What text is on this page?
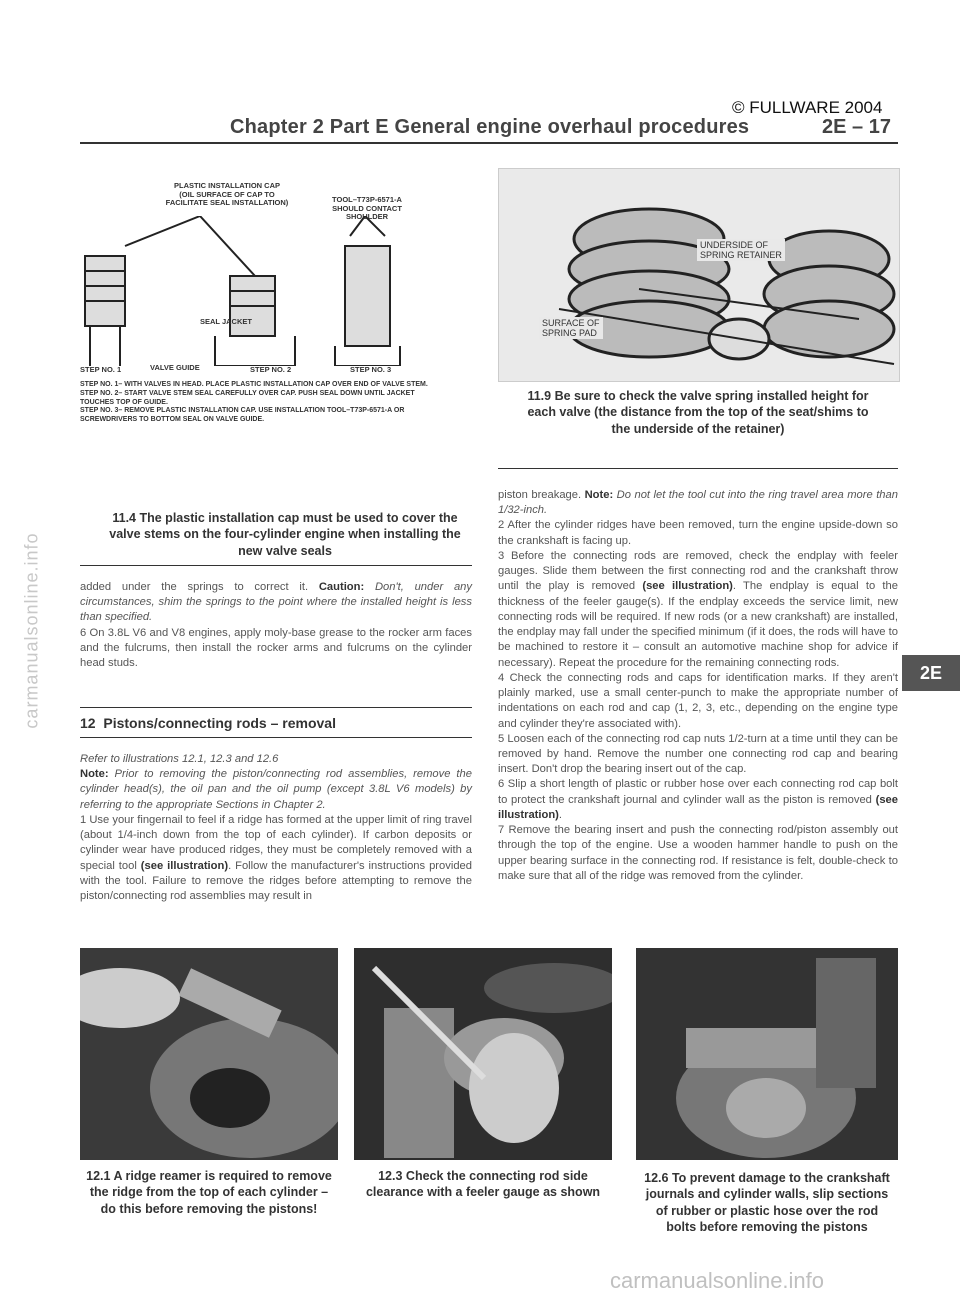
© FULLWARE 2004
Chapter 2 Part E General engine overhaul procedures	2E – 17
PLASTIC INSTALLATION CAP
(OIL SURFACE OF CAP TO
FACILITATE SEAL INSTALLATION)	TOOL–T73P-6571-A
SHOULD CONTACT
SHOULDER
SEAL JACKET
VALVE GUIDE
STEP NO. 1	STEP NO. 2	STEP NO. 3
STEP NO. 1– WITH VALVES IN HEAD. PLACE PLASTIC INSTALLATION CAP OVER END OF VALVE STEM.
STEP NO. 2– START VALVE STEM SEAL CAREFULLY OVER CAP. PUSH SEAL DOWN UNTIL JACKET TOUCHES TOP OF GUIDE.
STEP NO. 3– REMOVE PLASTIC INSTALLATION CAP. USE INSTALLATION TOOL–T73P-6571-A OR SCREWDRIVERS TO BOTTOM SEAL ON VALVE GUIDE.
11.4 The plastic installation cap must be used to cover the valve stems on the four-cylinder engine when installing the new valve seals
UNDERSIDE OF
SPRING RETAINER
SURFACE OF
SPRING PAD
11.9 Be sure to check the valve spring installed height for each valve (the distance from the top of the seat/shims to the underside of the retainer)

added under the springs to correct it. Caution: Don't, under any circumstances, shim the springs to the point where the installed height is less than specified.

6 On 3.8L V6 and V8 engines, apply moly-base grease to the rocker arm faces and the fulcrums, then install the rocker arms and fulcrums on the cylinder head studs.

12 Pistons/connecting rods – removal

Refer to illustrations 12.1, 12.3 and 12.6

Note: Prior to removing the piston/connecting rod assemblies, remove the cylinder head(s), the oil pan and the oil pump (except 3.8L V6 models) by referring to the appropriate Sections in Chapter 2.

1 Use your fingernail to feel if a ridge has formed at the upper limit of ring travel (about 1/4-inch down from the top of each cylinder). If carbon deposits or cylinder wear have produced ridges, they must be completely removed with a special tool (see illustration). Follow the manufacturer's instructions provided with the tool. Failure to remove the ridges before attempting to remove the piston/connecting rod assemblies may result in

piston breakage. Note: Do not let the tool cut into the ring travel area more than 1/32-inch.

2 After the cylinder ridges have been removed, turn the engine upside-down so the crankshaft is facing up.

3 Before the connecting rods are removed, check the endplay with feeler gauges. Slide them between the first connecting rod and the crankshaft throw until the play is removed (see illustration). The endplay is equal to the thickness of the feeler gauge(s). If the endplay exceeds the service limit, new connecting rods will be required. If new rods (or a new crankshaft) are installed, the endplay may fall under the specified minimum (if it does, the rods will have to be machined to restore it – consult an automotive machine shop for advice if necessary). Repeat the procedure for the remaining connecting rods.

4 Check the connecting rods and caps for identification marks. If they aren't plainly marked, use a small center-punch to make the appropriate number of indentations on each rod and cap (1, 2, 3, etc., depending on the engine type and cylinder they're associated with).

5 Loosen each of the connecting rod cap nuts 1/2-turn at a time until they can be removed by hand. Remove the number one connecting rod cap and bearing insert. Don't drop the bearing insert out of the cap.

6 Slip a short length of plastic or rubber hose over each connecting rod cap bolt to protect the crankshaft journal and cylinder wall as the piston is removed (see illustration).

7 Remove the bearing insert and push the connecting rod/piston assembly out through the top of the engine. Use a wooden hammer handle to push on the upper bearing surface in the connecting rod. If resistance is felt, double-check to make sure that all of the ridge was removed from the cylinder.

2E
12.1 A ridge reamer is required to remove the ridge from the top of each cylinder – do this before removing the pistons!
12.3 Check the connecting rod side clearance with a feeler gauge as shown
12.6 To prevent damage to the crankshaft journals and cylinder walls, slip sections of rubber or plastic hose over the rod bolts before removing the pistons
carmanualsonline.info
carmanualsonline.info
